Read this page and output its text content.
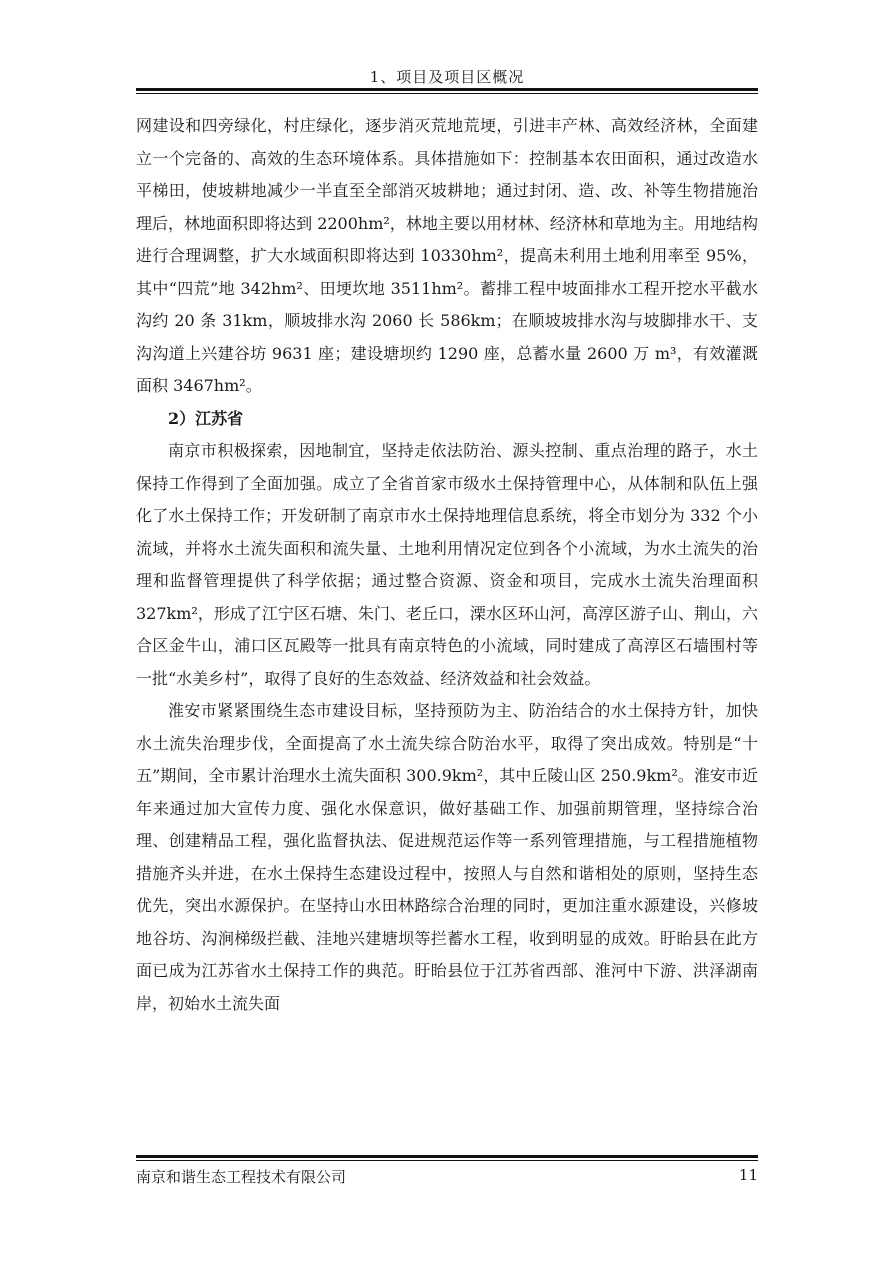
1、项目及项目区概况

网建设和四旁绿化，村庄绿化，逐步消灭荒地荒埂，引进丰产林、高效经济林，全面建立一个完备的、高效的生态环境体系。具体措施如下：控制基本农田面积，通过改造水平梯田，使坡耕地减少一半直至全部消灭坡耕地；通过封闭、造、改、补等生物措施治理后，林地面积即将达到 2200hm²，林地主要以用材林、经济林和草地为主。用地结构进行合理调整，扩大水域面积即将达到 10330hm²，提高未利用土地利用率至 95%，其中“四荒”地 342hm²、田埂坎地 3511hm²。蓄排工程中坡面排水工程开挖水平截水沟约 20 条 31km，顺坡排水沟 2060 长 586km；在顺坡坡排水沟与坡脚排水干、支沟沟道上兴建谷坊 9631 座；建设塘坝约 1290 座，总蓄水量 2600 万 m³，有效灌溉面积 3467hm²。

2）江苏省

南京市积极探索，因地制宜，坚持走依法防治、源头控制、重点治理的路子，水土保持工作得到了全面加强。成立了全省首家市级水土保持管理中心，从体制和队伍上强化了水土保持工作；开发研制了南京市水土保持地理信息系统，将全市划分为 332 个小流域，并将水土流失面积和流失量、土地利用情况定位到各个小流域，为水土流失的治理和监督管理提供了科学依据；通过整合资源、资金和项目，完成水土流失治理面积 327km²，形成了江宁区石塘、朱门、老丘口，溧水区环山河，高淳区游子山、荆山，六合区金牛山，浦口区瓦殿等一批具有南京特色的小流域，同时建成了高淳区石墙围村等一批“水美乡村”，取得了良好的生态效益、经济效益和社会效益。

淮安市紧紧围绕生态市建设目标，坚持预防为主、防治结合的水土保持方针，加快水土流失治理步伐，全面提高了水土流失综合防治水平，取得了突出成效。特别是“十五”期间，全市累计治理水土流失面积 300.9km²，其中丘陵山区 250.9km²。淮安市近年来通过加大宣传力度、强化水保意识，做好基础工作、加强前期管理，坚持综合治理、创建精品工程，强化监督执法、促进规范运作等一系列管理措施，与工程措施植物措施齐头并进，在水土保持生态建设过程中，按照人与自然和谐相处的原则，坚持生态优先，突出水源保护。在坚持山水田林路综合治理的同时，更加注重水源建设，兴修坡地谷坊、沟涧梯级拦截、洼地兴建塘坝等拦蓄水工程，收到明显的成效。盱眙县在此方面已成为江苏省水土保持工作的典范。盱眙县位于江苏省西部、淮河中下游、洪泽湖南岸，初始水土流失面

南京和谐生态工程技术有限公司	11
